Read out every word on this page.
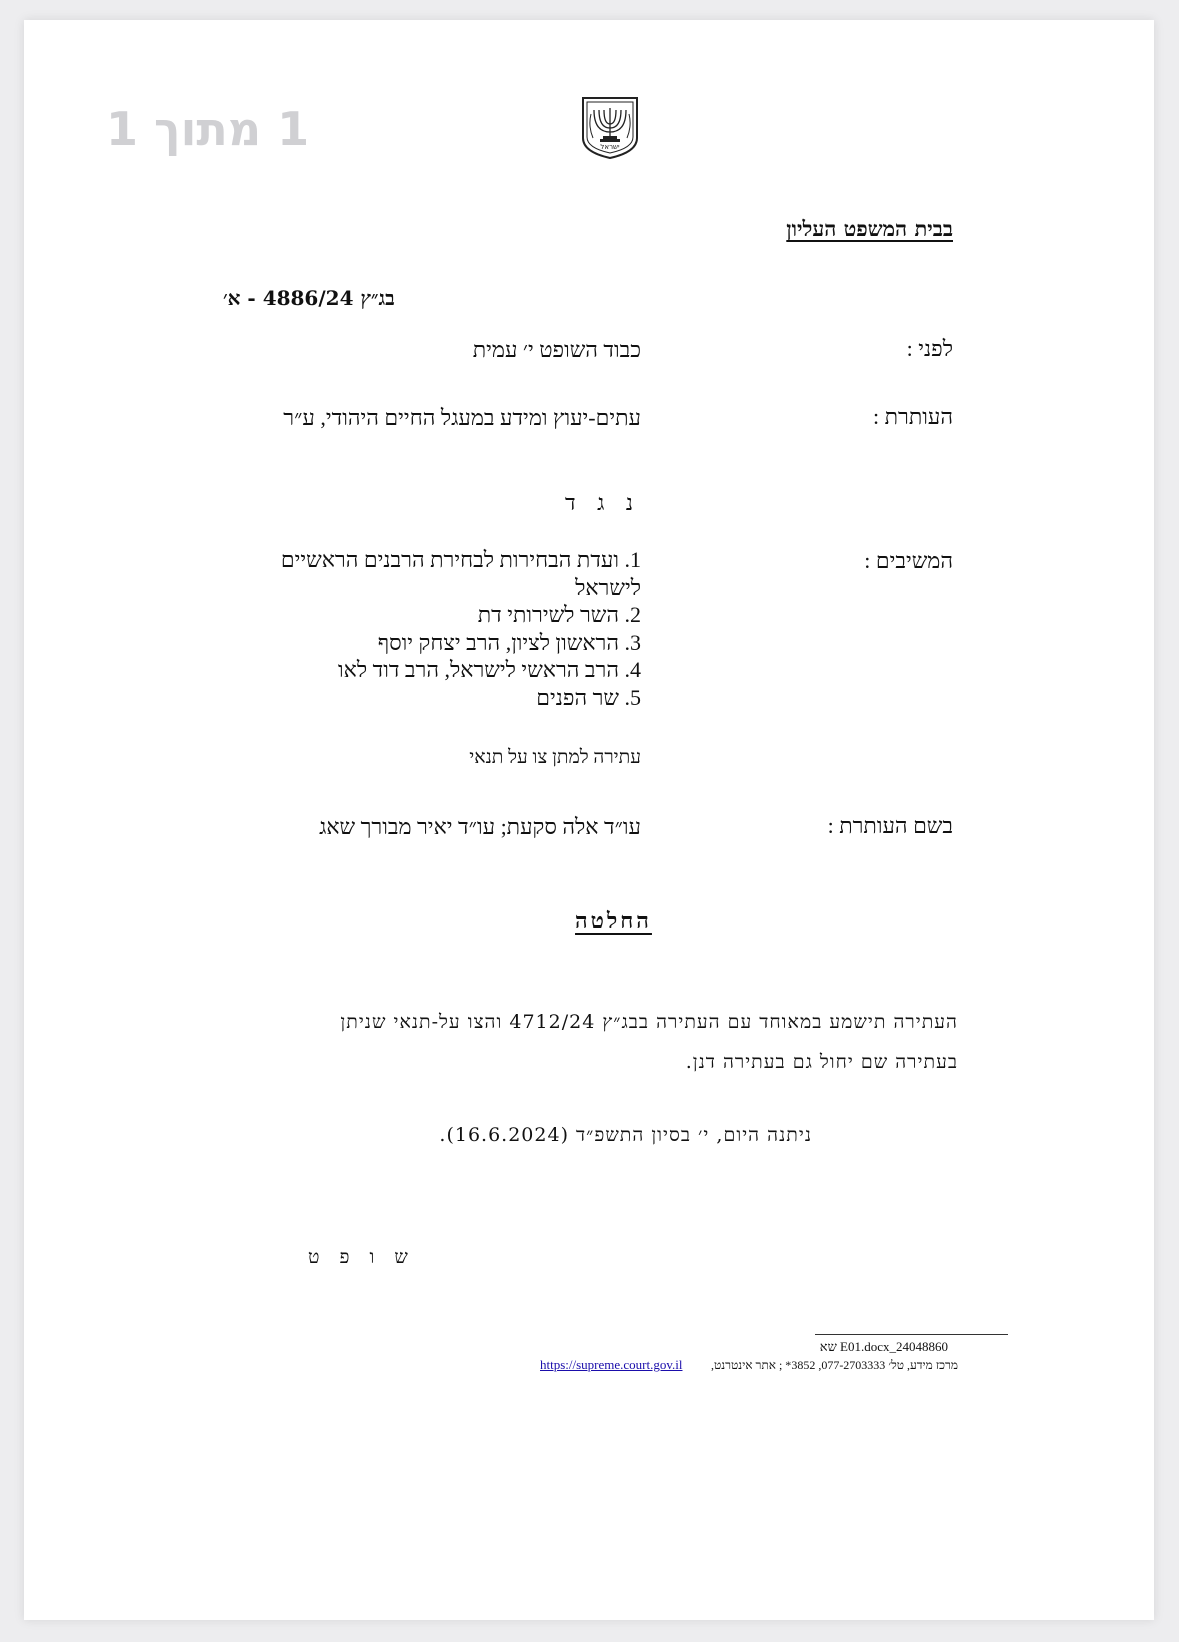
1 מתוך 1	ישראל
בבית המשפט העליון
בג״ץ 4886/24 - א׳
לפני :
כבוד השופט י׳ עמית
העותרת :
עתים-יעוץ ומידע במעגל החיים היהודי, ע״ר
נ ג ד
המשיבים :
1. ועדת הבחירות לבחירת הרבנים הראשיים
לישראל
2. השר לשירותי דת
3. הראשון לציון, הרב יצחק יוסף
4. הרב הראשי לישראל, הרב דוד לאו
5. שר הפנים
עתירה למתן צו על תנאי
בשם העותרת :
עו״ד אלה סקעת; עו״ד יאיר מבורך שאג
החלטה
העתירה תישמע במאוחד עם העתירה בבג״ץ 4712/24 והצו על-תנאי שניתן
בעתירה שם יחול גם בעתירה דנן.
ניתנה היום, י׳ בסיון התשפ״ד (16.6.2024).
ש ו פ ט
24048860_E01.docx שא
מרכז מידע, טל׳ 077-2703333, 3852* ; אתר אינטרנט,
https://supreme.court.gov.il
